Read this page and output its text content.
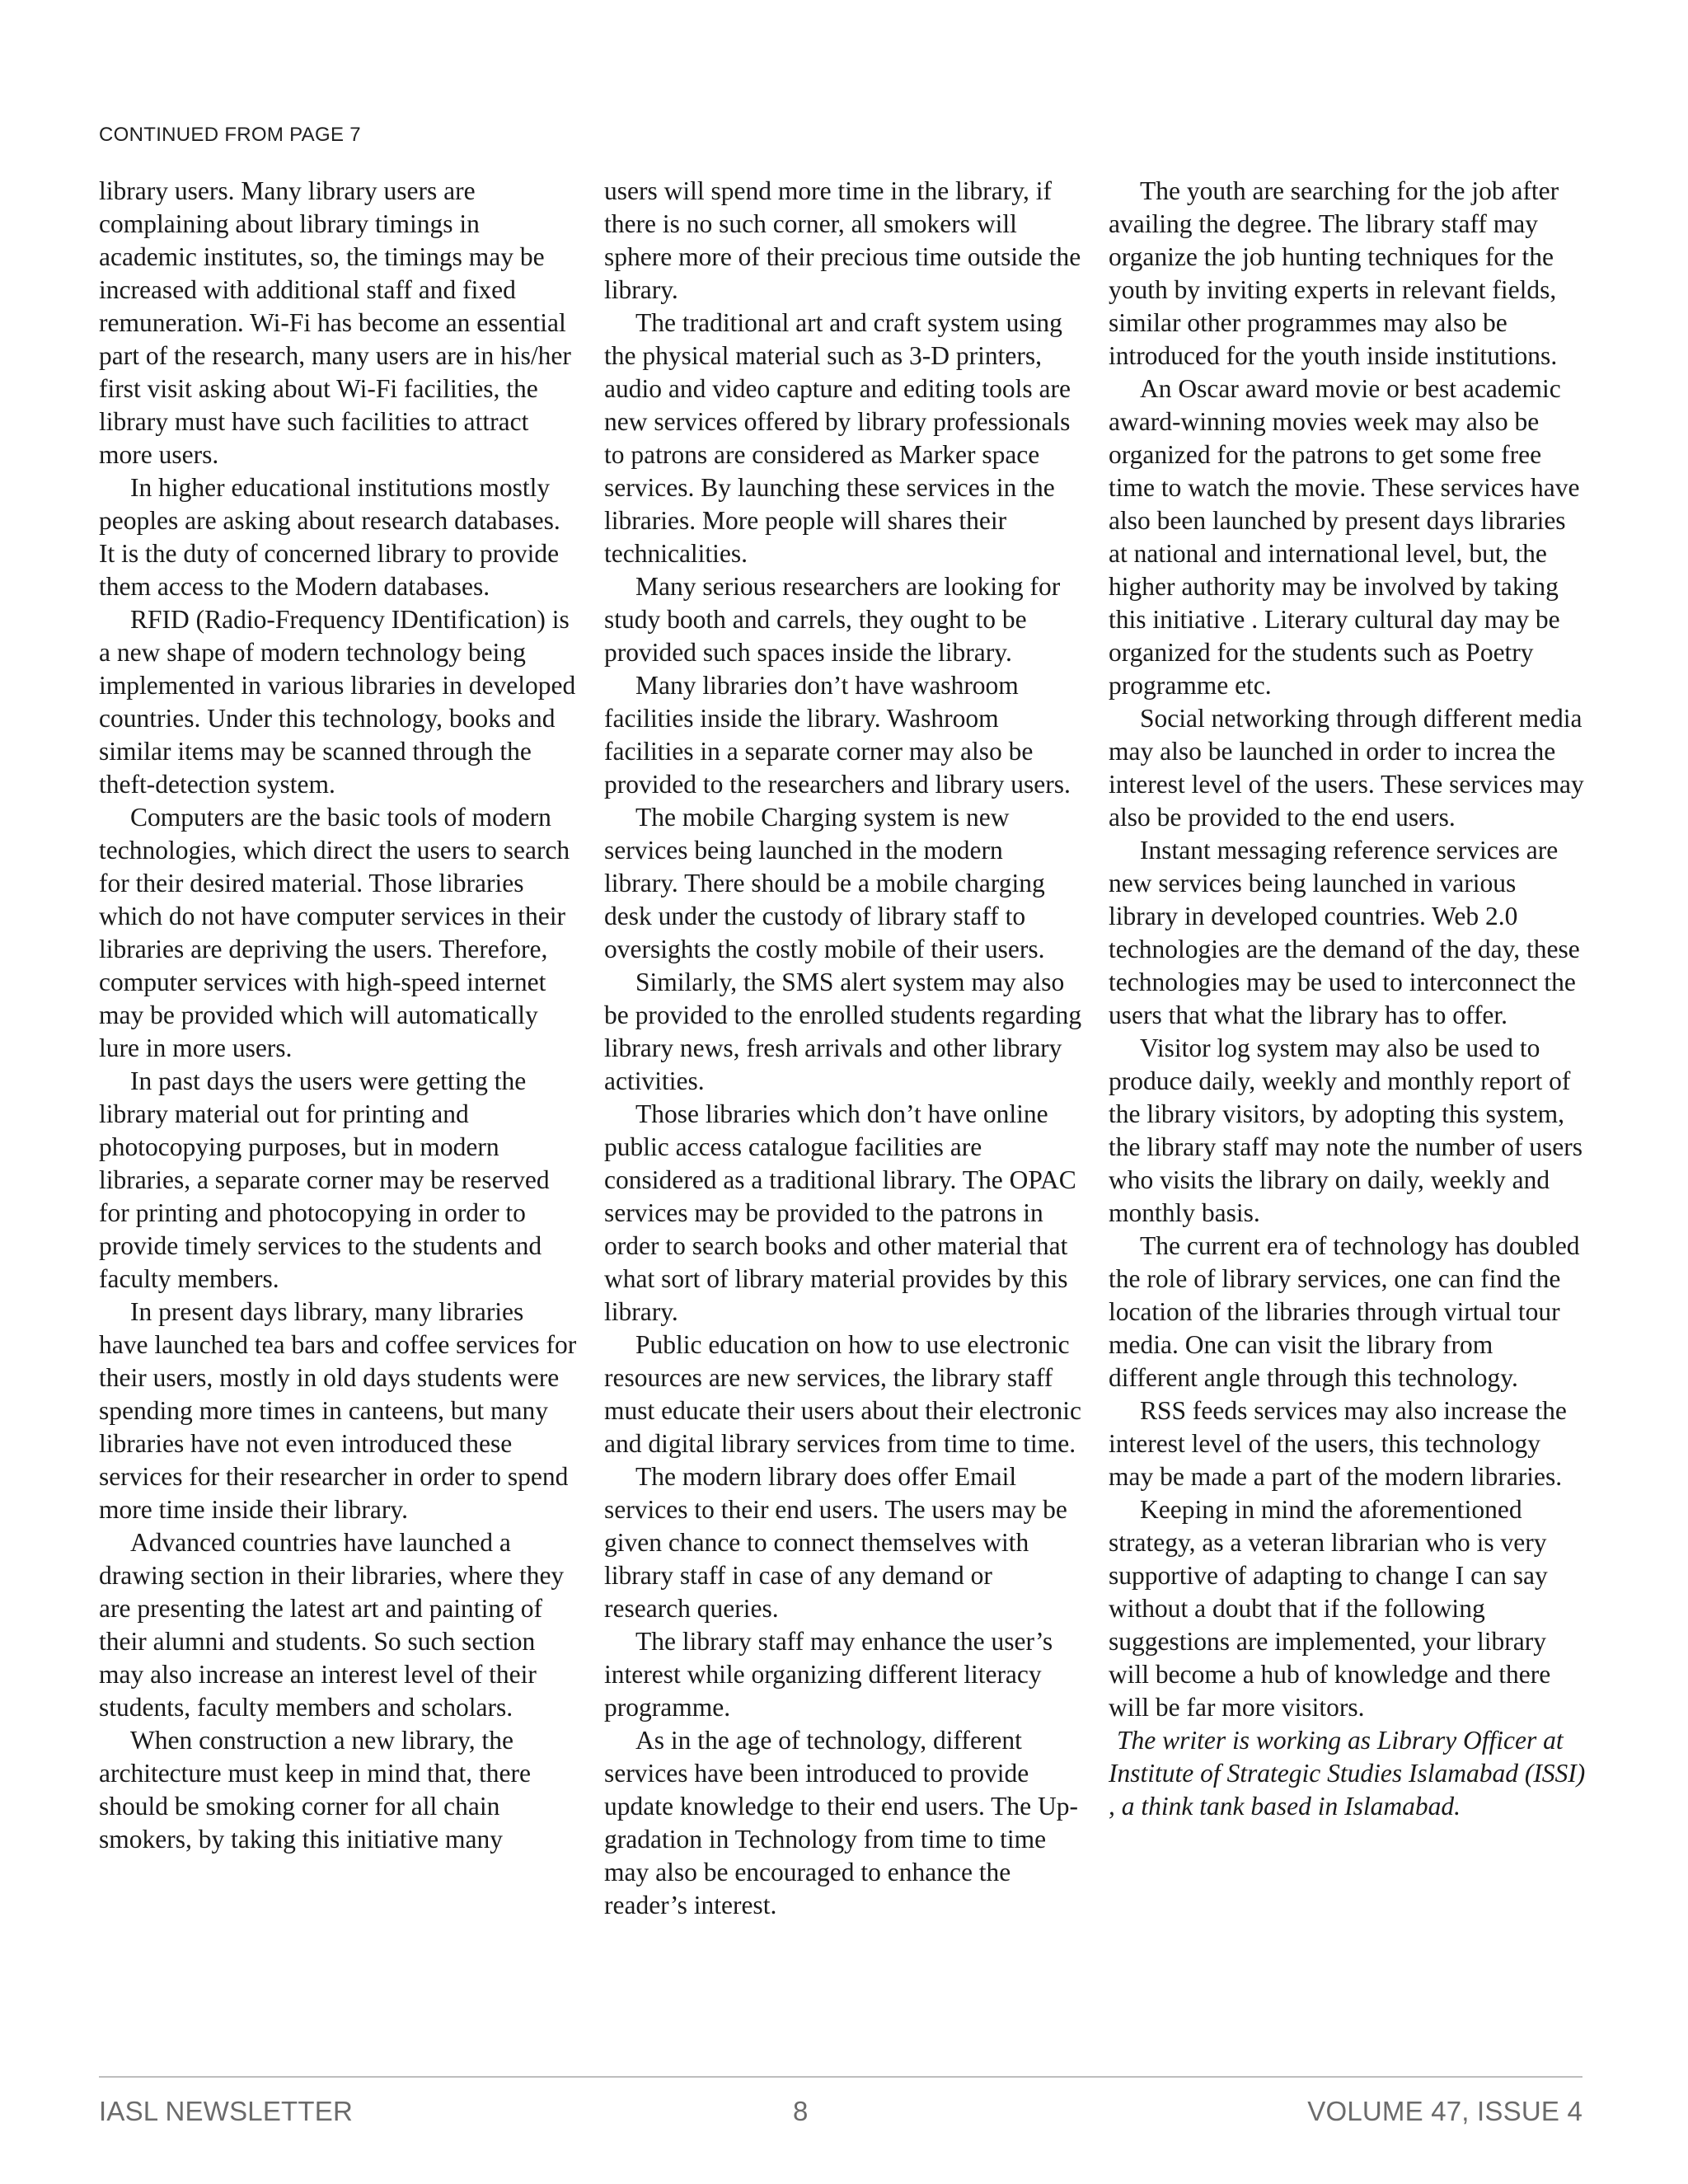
CONTINUED FROM PAGE 7

library users. Many library users are complaining about library timings in academic institutes, so, the timings may be increased with additional staff and fixed remuneration. Wi-Fi has become an essential part of the research, many users are in his/her first visit asking about Wi-Fi facilities, the library must have such facilities to attract more users.

In higher educational institutions mostly peoples are asking about research databases. It is the duty of concerned library to provide them access to the Modern databases.

RFID (Radio-Frequency IDentification) is a new shape of modern technology being implemented in various libraries in developed countries. Under this technology, books and similar items may be scanned through the theft-detection system.

Computers are the basic tools of modern technologies, which direct the users to search for their desired material. Those libraries which do not have computer services in their libraries are depriving the users. Therefore, computer services with high-speed internet may be provided which will automatically lure in more users.

In past days the users were getting the library material out for printing and photocopying purposes, but in modern libraries, a separate corner may be reserved for printing and photocopying in order to provide timely services to the students and faculty members.

In present days library, many libraries have launched tea bars and coffee services for their users, mostly in old days students were spending more times in canteens, but many libraries have not even introduced these services for their researcher in order to spend more time inside their library.

Advanced countries have launched a drawing section in their libraries, where they are presenting the latest art and painting of their alumni and students. So such section may also increase an interest level of their students, faculty members and scholars.

When construction a new library, the architecture must keep in mind that, there should be smoking corner for all chain smokers, by taking this initiative many

users will spend more time in the library, if there is no such corner, all smokers will sphere more of their precious time outside the library.

The traditional art and craft system using the physical material such as 3-D printers, audio and video capture and editing tools are new services offered by library professionals to patrons are considered as Marker space services. By launching these services in the libraries. More people will shares their technicalities.

Many serious researchers are looking for study booth and carrels, they ought to be provided such spaces inside the library.

Many libraries don’t have washroom facilities inside the library. Washroom facilities in a separate corner may also be provided to the researchers and library users.

The mobile Charging system is new services being launched in the modern library. There should be a mobile charging desk under the custody of library staff to oversights the costly mobile of their users.

Similarly, the SMS alert system may also be provided to the enrolled students regarding library news, fresh arrivals and other library activities.

Those libraries which don’t have online public access catalogue facilities are considered as a traditional library. The OPAC services may be provided to the patrons in order to search books and other material that what sort of library material provides by this library.

Public education on how to use electronic resources are new services, the library staff must educate their users about their electronic and digital library services from time to time.

The modern library does offer Email services to their end users. The users may be given chance to connect themselves with library staff in case of any demand or research queries.

The library staff may enhance the user’s interest while organizing different literacy programme.

As in the age of technology, different services have been introduced to provide update knowledge to their end users. The Up-gradation in Technology from time to time may also be encouraged to enhance the reader’s interest.

The youth are searching for the job after availing the degree. The library staff may organize the job hunting techniques for the youth by inviting experts in relevant fields, similar other programmes may also be introduced for the youth inside institutions.

An Oscar award movie or best academic award-winning movies week may also be organized for the patrons to get some free time to watch the movie. These services have also been launched by present days libraries at national and international level, but, the higher authority may be involved by taking this initiative . Literary cultural day may be organized for the students such as Poetry programme etc.

Social networking through different media may also be launched in order to increa the interest level of the users. These services may also be provided to the end users.

Instant messaging reference services are new services being launched in various library in developed countries. Web 2.0 technologies are the demand of the day, these technologies may be used to interconnect the users that what the library has to offer.

Visitor log system may also be used to produce daily, weekly and monthly report of the library visitors, by adopting this system, the library staff may note the number of users who visits the library on daily, weekly and monthly basis.

The current era of technology has doubled the role of library services, one can find the location of the libraries through virtual tour media. One can visit the library from different angle through this technology.

RSS feeds services may also increase the interest level of the users, this technology may be made a part of the modern libraries.

Keeping in mind the aforementioned strategy, as a veteran librarian who is very supportive of adapting to change I can say without a doubt that if the following suggestions are implemented, your library will become a hub of knowledge and there will be far more visitors.

The writer is working as Library Officer at Institute of Strategic Studies Islamabad (ISSI) , a think tank based in Islamabad.

IASL NEWSLETTER	8	VOLUME 47, ISSUE 4
